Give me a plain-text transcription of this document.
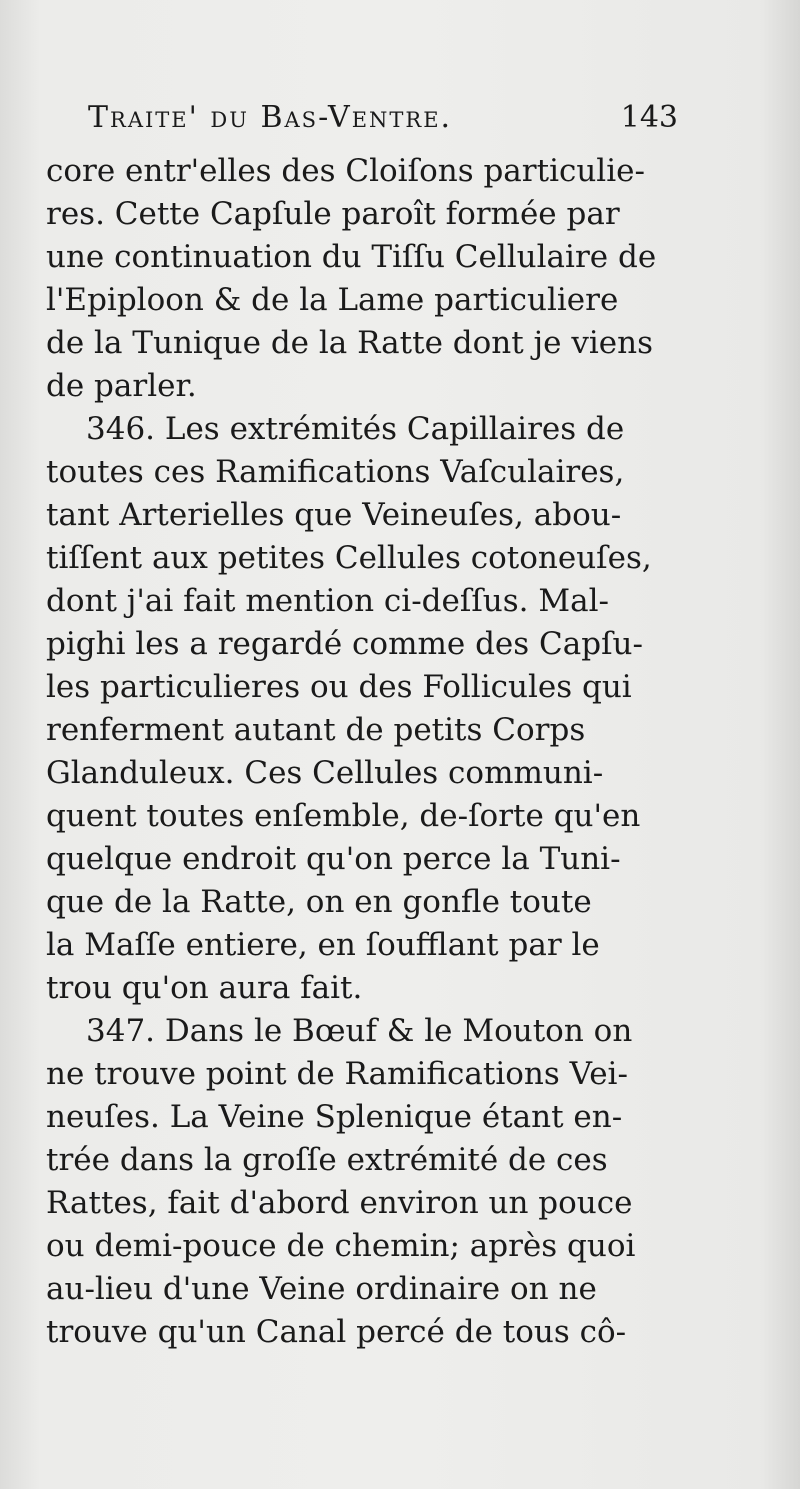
Traite' du Bas-Ventre.	143
core entr'elles des Cloiſons particulie-
res. Cette Capſule paroît formée par
une continuation du Tiſſu Cellulaire de
l'Epiploon & de la Lame particuliere
de la Tunique de la Ratte dont je viens
de parler.
346. Les extrémités Capillaires de
toutes ces Ramifications Vaſculaires,
tant Arterielles que Veineuſes, abou-
tiſſent aux petites Cellules cotoneuſes,
dont j'ai fait mention ci-deſſus. Mal-
pighi les a regardé comme des Capſu-
les particulieres ou des Follicules qui
renferment autant de petits Corps
Glanduleux. Ces Cellules communi-
quent toutes enſemble, de-ſorte qu'en
quelque endroit qu'on perce la Tuni-
que de la Ratte, on en gonfle toute
la Maſſe entiere, en ſoufflant par le
trou qu'on aura fait.
347. Dans le Bœuf & le Mouton on
ne trouve point de Ramifications Vei-
neuſes. La Veine Splenique étant en-
trée dans la groſſe extrémité de ces
Rattes, fait d'abord environ un pouce
ou demi-pouce de chemin; après quoi
au-lieu d'une Veine ordinaire on ne
trouve qu'un Canal percé de tous cô-
